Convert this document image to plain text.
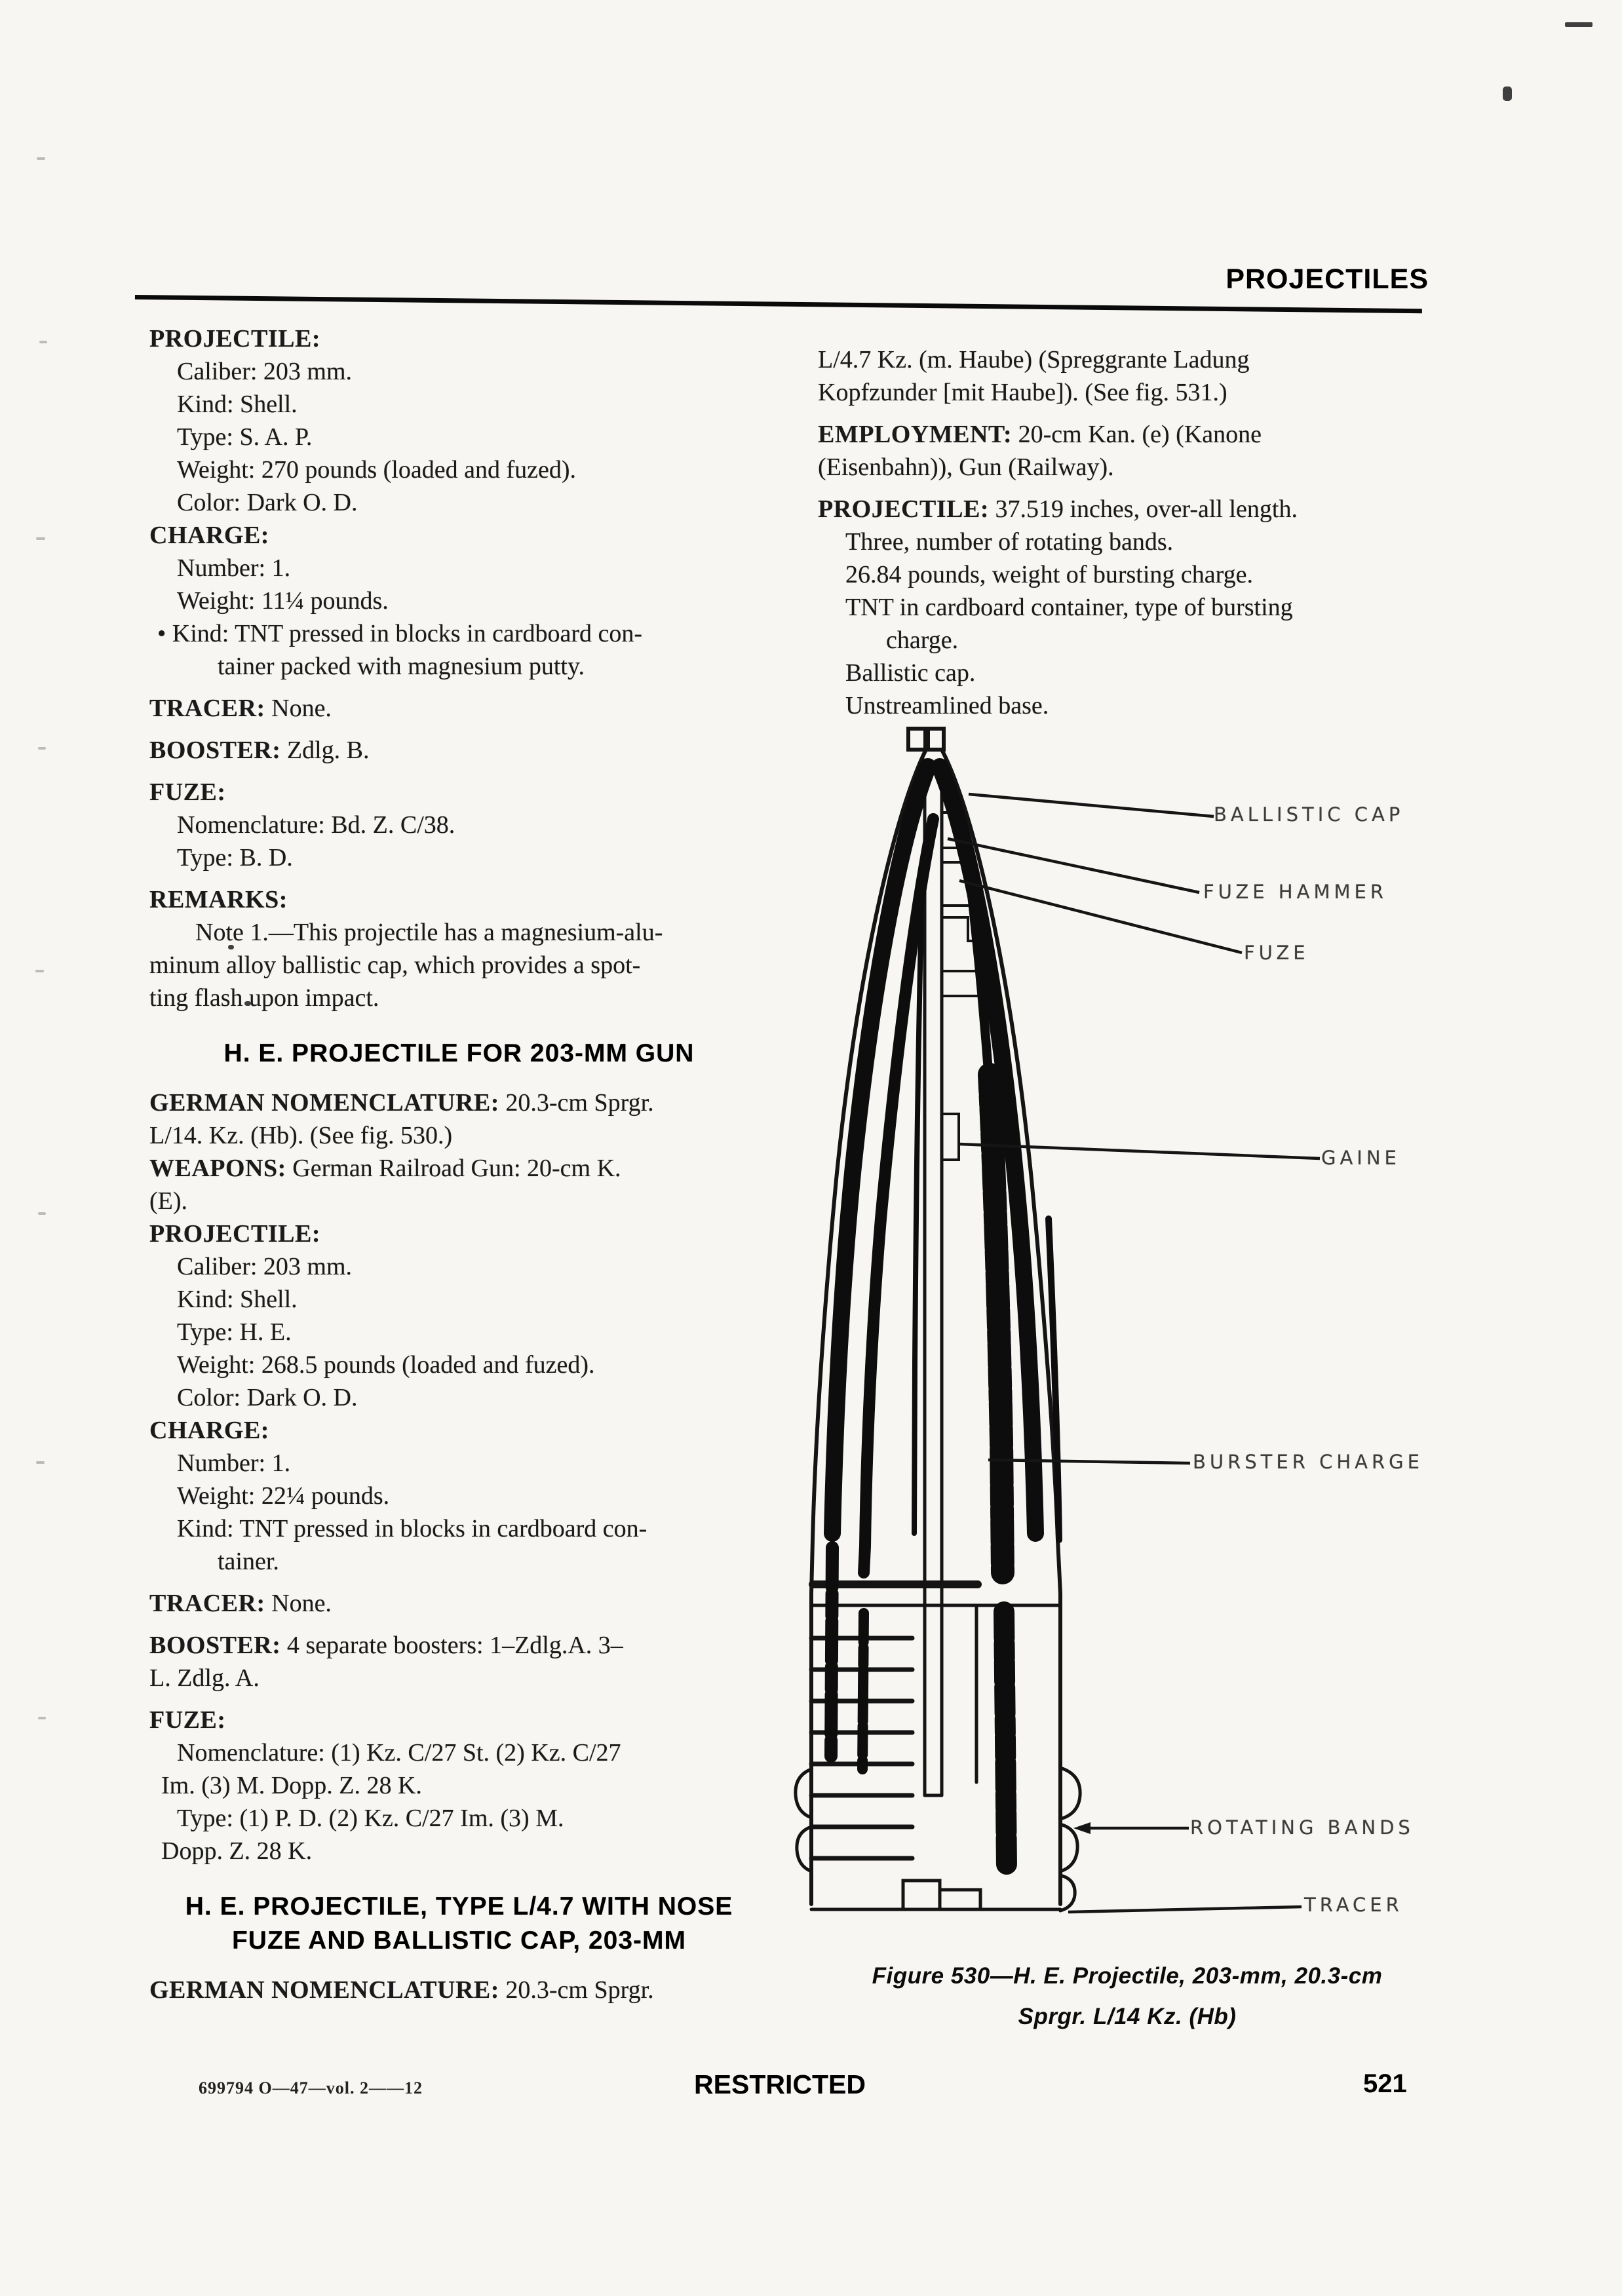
PROJECTILES
PROJECTILE:
Caliber: 203 mm.
Kind: Shell.
Type: S. A. P.
Weight: 270 pounds (loaded and fuzed).
Color: Dark O. D.
CHARGE:
Number: 1.
Weight: 11¼ pounds.
• Kind: TNT pressed in blocks in cardboard con-
tainer packed with magnesium putty.
TRACER: None.
BOOSTER: Zdlg. B.
FUZE:
Nomenclature: Bd. Z. C/38.
Type: B. D.
REMARKS:
Note 1.—This projectile has a magnesium-alu-
minum alloy ballistic cap, which provides a spot-
ting flash upon impact.
H. E. PROJECTILE FOR 203-MM GUN
GERMAN NOMENCLATURE: 20.3-cm Sprgr.
L/14. Kz. (Hb). (See fig. 530.)
WEAPONS: German Railroad Gun: 20-cm K.
(E).
PROJECTILE:
Caliber: 203 mm.
Kind: Shell.
Type: H. E.
Weight: 268.5 pounds (loaded and fuzed).
Color: Dark O. D.
CHARGE:
Number: 1.
Weight: 22¼ pounds.
Kind: TNT pressed in blocks in cardboard con-
tainer.
TRACER: None.
BOOSTER: 4 separate boosters: 1–Zdlg.A. 3–
L. Zdlg. A.
FUZE:
Nomenclature: (1) Kz. C/27 St. (2) Kz. C/27
Im. (3) M. Dopp. Z. 28 K.
Type: (1) P. D. (2) Kz. C/27 Im. (3) M.
Dopp. Z. 28 K.
H. E. PROJECTILE, TYPE L/4.7 WITH NOSE
FUZE AND BALLISTIC CAP, 203-MM
GERMAN NOMENCLATURE: 20.3-cm Sprgr.
L/4.7 Kz. (m. Haube) (Spreggrante Ladung
Kopfzunder [mit Haube]). (See fig. 531.)
EMPLOYMENT: 20-cm Kan. (e) (Kanone
(Eisenbahn)), Gun (Railway).
PROJECTILE: 37.519 inches, over-all length.
Three, number of rotating bands.
26.84 pounds, weight of bursting charge.
TNT in cardboard container, type of bursting
charge.
Ballistic cap.
Unstreamlined base.
BALLISTIC CAP
FUZE HAMMER
FUZE
GAINE
BURSTER CHARGE
ROTATING BANDS
TRACER
Figure 530—H. E. Projectile, 203-mm, 20.3-cm
Sprgr. L/14 Kz. (Hb)
699794 O—47—vol. 2——12	RESTRICTED	521
